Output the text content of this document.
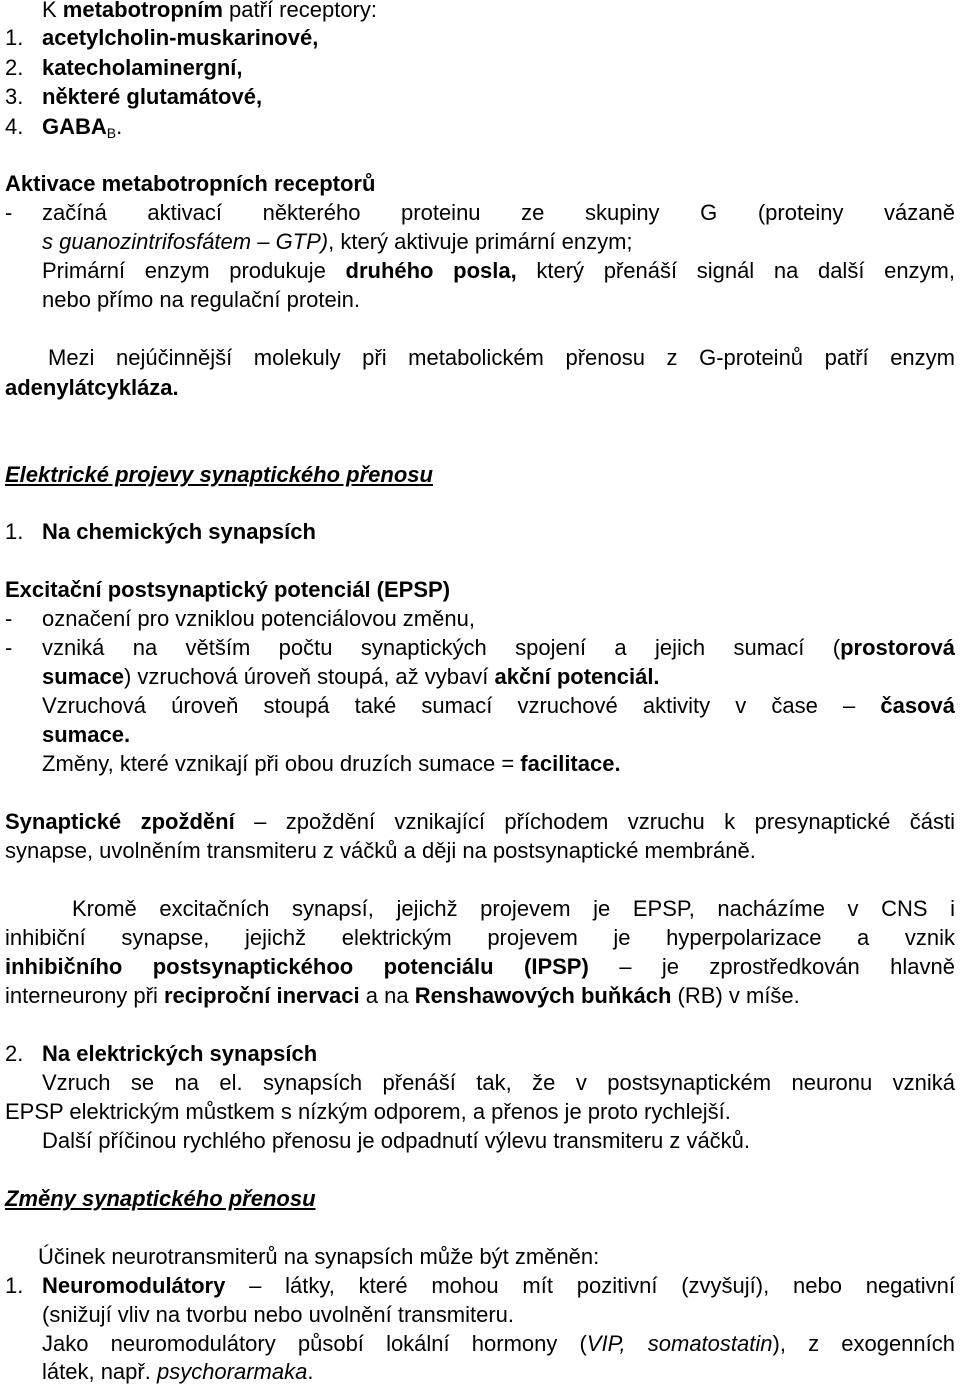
K metabotropním patří receptory:
1. acetylcholin-muskarinové,
2. katecholaminergní,
3. některé glutamátové,
4. $GABA_B$.
Aktivace metabotropních receptorů
- začíná aktivací některého proteinu ze skupiny G (proteiny vázaně
s guanozintrifosfátem – GTP), který aktivuje primární enzym;
Primární enzym produkuje druhého posla, který přenáší signál na další enzym,
nebo přímo na regulační protein.
Mezi nejúčinnější molekuly při metabolickém přenosu z G-proteinů patří enzym
adenylátcykláza.
Elektrické projevy synaptického přenosu
1. Na chemických synapsích
Excitační postsynaptický potenciál (EPSP)
- označení pro vzniklou potenciálovou změnu,
- vzniká na větším počtu synaptických spojení a jejich sumací (prostorová
sumace) vzruchová úroveň stoupá, až vybaví akční potenciál.
Vzruchová úroveň stoupá také sumací vzruchové aktivity v čase – časová
sumace.
Změny, které vznikají při obou druzích sumace = facilitace.
Synaptické zpoždění – zpoždění vznikající příchodem vzruchu k presynaptické části
synapse, uvolněním transmiteru z váčků a ději na postsynaptické membráně.
Kromě excitačních synapsí, jejichž projevem je EPSP, nacházíme v CNS i
inhibiční synapse, jejichž elektrickým projevem je hyperpolarizace a vznik
inhibičního postsynaptickéhoo potenciálu (IPSP) – je zprostředkován hlavně
interneurony při reciproční inervaci a na Renshawových buňkách (RB) v míše.
2. Na elektrických synapsích
Vzruch se na el. synapsích přenáší tak, že v postsynaptickém neuronu vzniká
EPSP elektrickým můstkem s nízkým odporem, a přenos je proto rychlejší.
Další příčinou rychlého přenosu je odpadnutí výlevu transmiteru z váčků.
Změny synaptického přenosu
Účinek neurotransmiterů na synapsích může být změněn:
1. Neuromodulátory – látky, které mohou mít pozitivní (zvyšují), nebo negativní
(snižují vliv na tvorbu nebo uvolnění transmiteru.
Jako neuromodulátory působí lokální hormony (VIP, somatostatin), z exogenních
látek, např. psychorarmaka.
